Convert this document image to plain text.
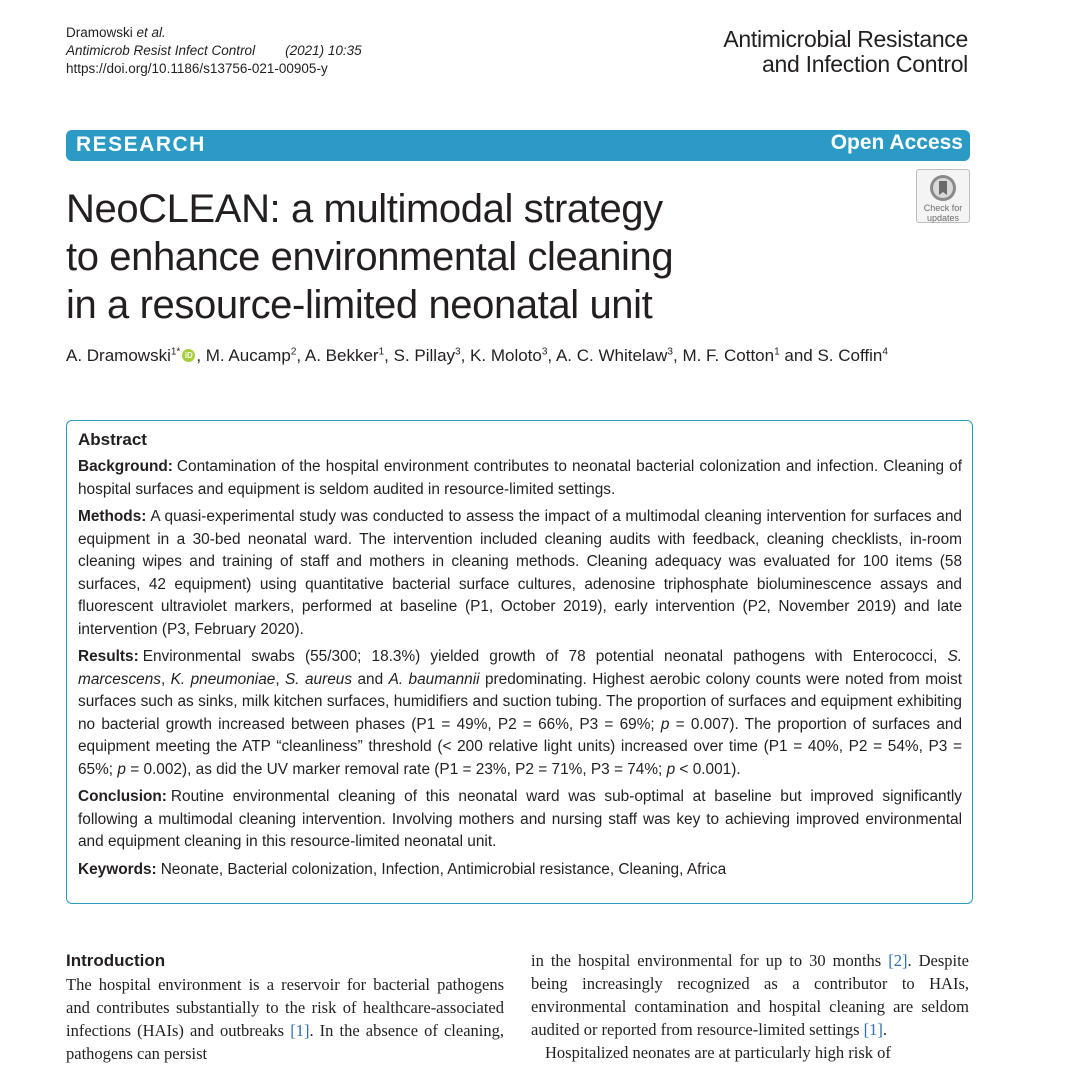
Dramowski et al.
Antimicrob Resist Infect Control (2021) 10:35
https://doi.org/10.1186/s13756-021-00905-y
Antimicrobial Resistance
and Infection Control
RESEARCH	Open Access
Check for
updates
NeoCLEAN: a multimodal strategy
to enhance environmental cleaning
in a resource-limited neonatal unit
A. Dramowski$^{1*}$ iD , M. Aucamp$^2$, A. Bekker$^1$, S. Pillay$^3$, K. Moloto$^3$, A. C. Whitelaw$^3$, M. F. Cotton$^1$ and S. Coffin$^4$
Abstract

Background: Contamination of the hospital environment contributes to neonatal bacterial colonization and infection. Cleaning of hospital surfaces and equipment is seldom audited in resource-limited settings.

Methods: A quasi-experimental study was conducted to assess the impact of a multimodal cleaning intervention for surfaces and equipment in a 30-bed neonatal ward. The intervention included cleaning audits with feedback, cleaning checklists, in-room cleaning wipes and training of staff and mothers in cleaning methods. Cleaning adequacy was evaluated for 100 items (58 surfaces, 42 equipment) using quantitative bacterial surface cultures, adenosine triphosphate bioluminescence assays and fluorescent ultraviolet markers, performed at baseline (P1, October 2019), early intervention (P2, November 2019) and late intervention (P3, February 2020).

Results: Environmental swabs (55/300; 18.3%) yielded growth of 78 potential neonatal pathogens with Enterococci, S. marcescens, K. pneumoniae, S. aureus and A. baumannii predominating. Highest aerobic colony counts were noted from moist surfaces such as sinks, milk kitchen surfaces, humidifiers and suction tubing. The proportion of surfaces and equipment exhibiting no bacterial growth increased between phases (P1 = 49%, P2 = 66%, P3 = 69%; p = 0.007). The proportion of surfaces and equipment meeting the ATP “cleanliness” threshold (< 200 relative light units) increased over time (P1 = 40%, P2 = 54%, P3 = 65%; p = 0.002), as did the UV marker removal rate (P1 = 23%, P2 = 71%, P3 = 74%; p < 0.001).

Conclusion: Routine environmental cleaning of this neonatal ward was sub-optimal at baseline but improved significantly following a multimodal cleaning intervention. Involving mothers and nursing staff was key to achieving improved environmental and equipment cleaning in this resource-limited neonatal unit.

Keywords: Neonate, Bacterial colonization, Infection, Antimicrobial resistance, Cleaning, Africa

Introduction

The hospital environment is a reservoir for bacterial pathogens and contributes substantially to the risk of healthcare-associated infections (HAIs) and outbreaks [1]. In the absence of cleaning, pathogens can persist

in the hospital environmental for up to 30 months [2]. Despite being increasingly recognized as a contributor to HAIs, environmental contamination and hospital cleaning are seldom audited or reported from resource-limited settings [1].

Hospitalized neonates are at particularly high risk of
